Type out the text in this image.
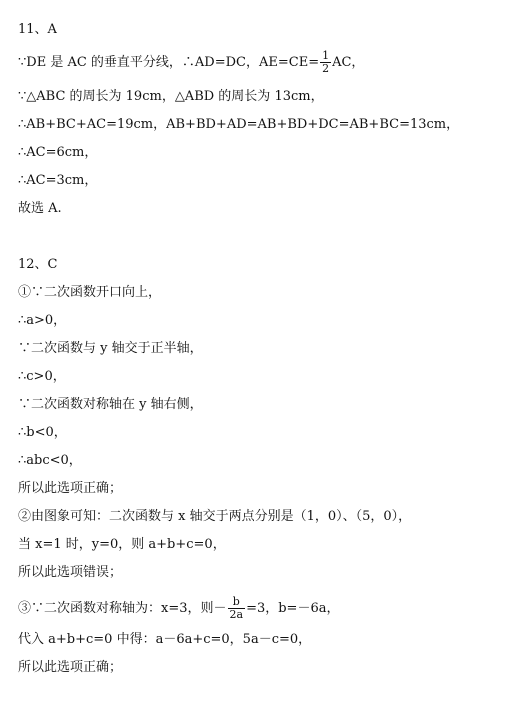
11、A
∵DE 是 AC 的垂直平分线，∴AD=DC，$AE=CE= \frac{1}{2}$ AC，
∵△ABC 的周长为 19cm，△ABD 的周长为 13cm，
∴AB+BC+AC=19cm，AB+BD+AD=AB+BD+DC=AB+BC=13cm，
∴AC=6cm，
∴AC=3cm，
故选 A.
12、C
①∵二次函数开口向上，
∴a>0，
∵二次函数与 y 轴交于正半轴，
∴c>0，
∵二次函数对称轴在 y 轴右侧，
∴b<0，
∴abc<0，
所以此选项正确；
②由图象可知：二次函数与 x 轴交于两点分别是（1，0）、（5，0），
当 x=1 时，y=0，则 a+b+c=0，
所以此选项错误；
③∵二次函数对称轴为：x=3，则－ $\frac{b}{2a} =3$，b=－6a，
代入 a+b+c=0 中得：a－6a+c=0，5a－c=0，
所以此选项正确；
